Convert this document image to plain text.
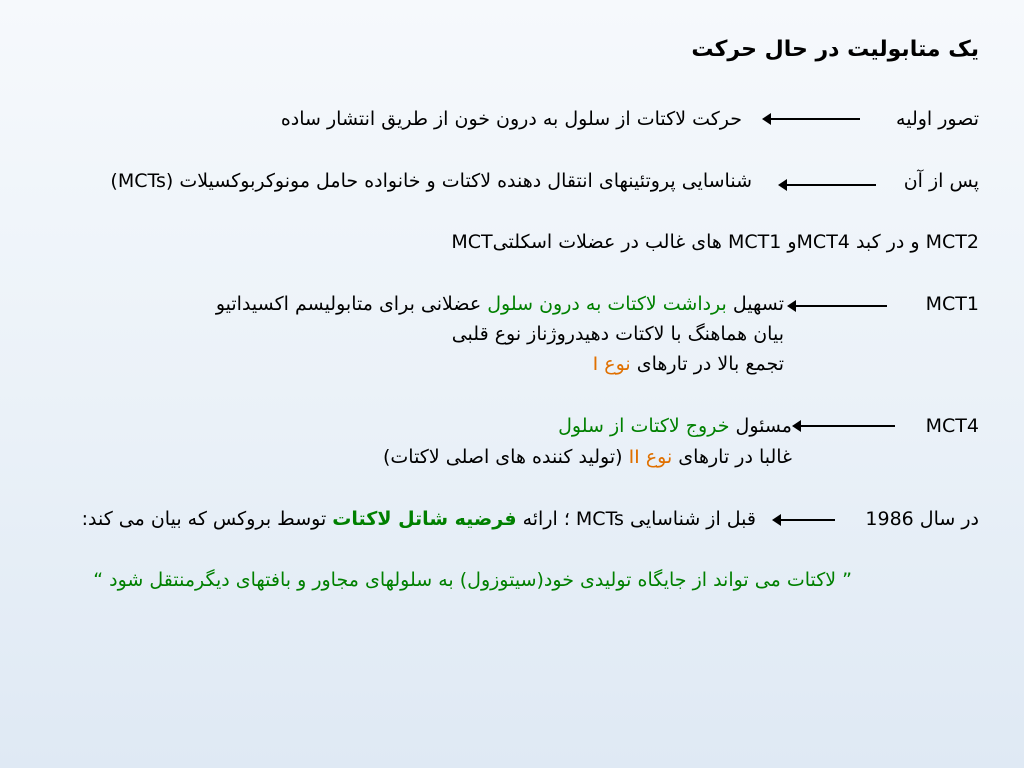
یک متابولیت در حال حرکت
تصور اولیه
حرکت لاکتات از سلول به درون خون از طریق انتشار ساده
پس از آن
شناسایی پروتئینهای انتقال دهنده لاکتات و خانواده حامل مونوکربوکسیلات (MCTs)
MCTهای غالب در عضلات اسکلتی MCT1 وMCT4 و در کبد MCT2
MCT1
تسهیل برداشت لاکتات به درون سلول عضلانی برای متابولیسم اکسیداتیو
بیان هماهنگ با لاکتات دهیدروژناز نوع قلبی
تجمع بالا در تارهای نوع I
MCT4
مسئول خروج لاکتات از سلول
غالبا در تارهای نوع II (تولید کننده های اصلی لاکتات)
در سال 1986
قبل از شناسایی MCTs ؛ ارائه فرضیه شاتل لاکتات توسط بروکس که بیان می کند:
” لاکتات می تواند از جایگاه تولیدی خود(سیتوزول) به سلولهای مجاور و بافتهای دیگرمنتقل شود “
